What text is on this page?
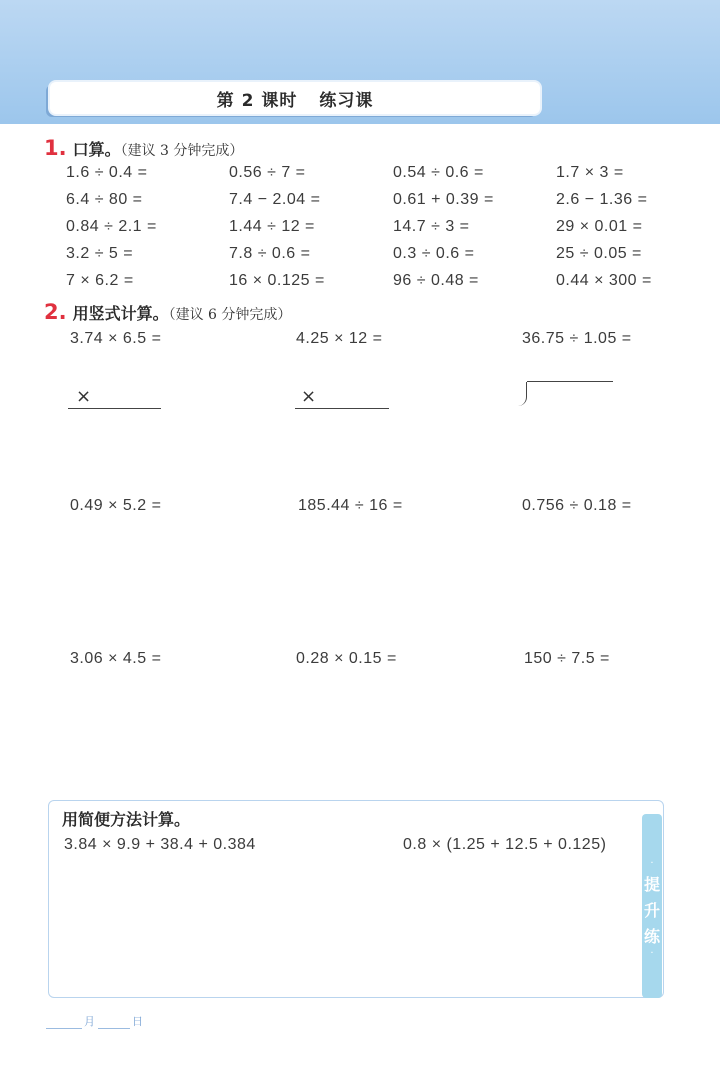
第 2 课时 练习课
1. 口算。（建议 3 分钟完成）
1.6 ÷ 0.4 =	0.56 ÷ 7 =	0.54 ÷ 0.6 =	1.7 × 3 =
6.4 ÷ 80 =	7.4 − 2.04 =	0.61 + 0.39 =	2.6 − 1.36 =
0.84 ÷ 2.1 =	1.44 ÷ 12 =	14.7 ÷ 3 =	29 × 0.01 =
3.2 ÷ 5 =	7.8 ÷ 0.6 =	0.3 ÷ 0.6 =	25 ÷ 0.05 =
7 × 6.2 =	16 × 0.125 =	96 ÷ 0.48 =	0.44 × 300 =
2. 用竖式计算。（建议 6 分钟完成）
3.74 × 6.5 =	4.25 × 12 =	36.75 ÷ 1.05 =
×	×
0.49 × 5.2 =	185.44 ÷ 16 =	0.756 ÷ 0.18 =
3.06 × 4.5 =	0.28 × 0.15 =	150 ÷ 7.5 =
用简便方法计算。
3.84 × 9.9 + 38.4 + 0.384	0.8 × (1.25 + 12.5 + 0.125)
·
提
升
练
·
月	日
